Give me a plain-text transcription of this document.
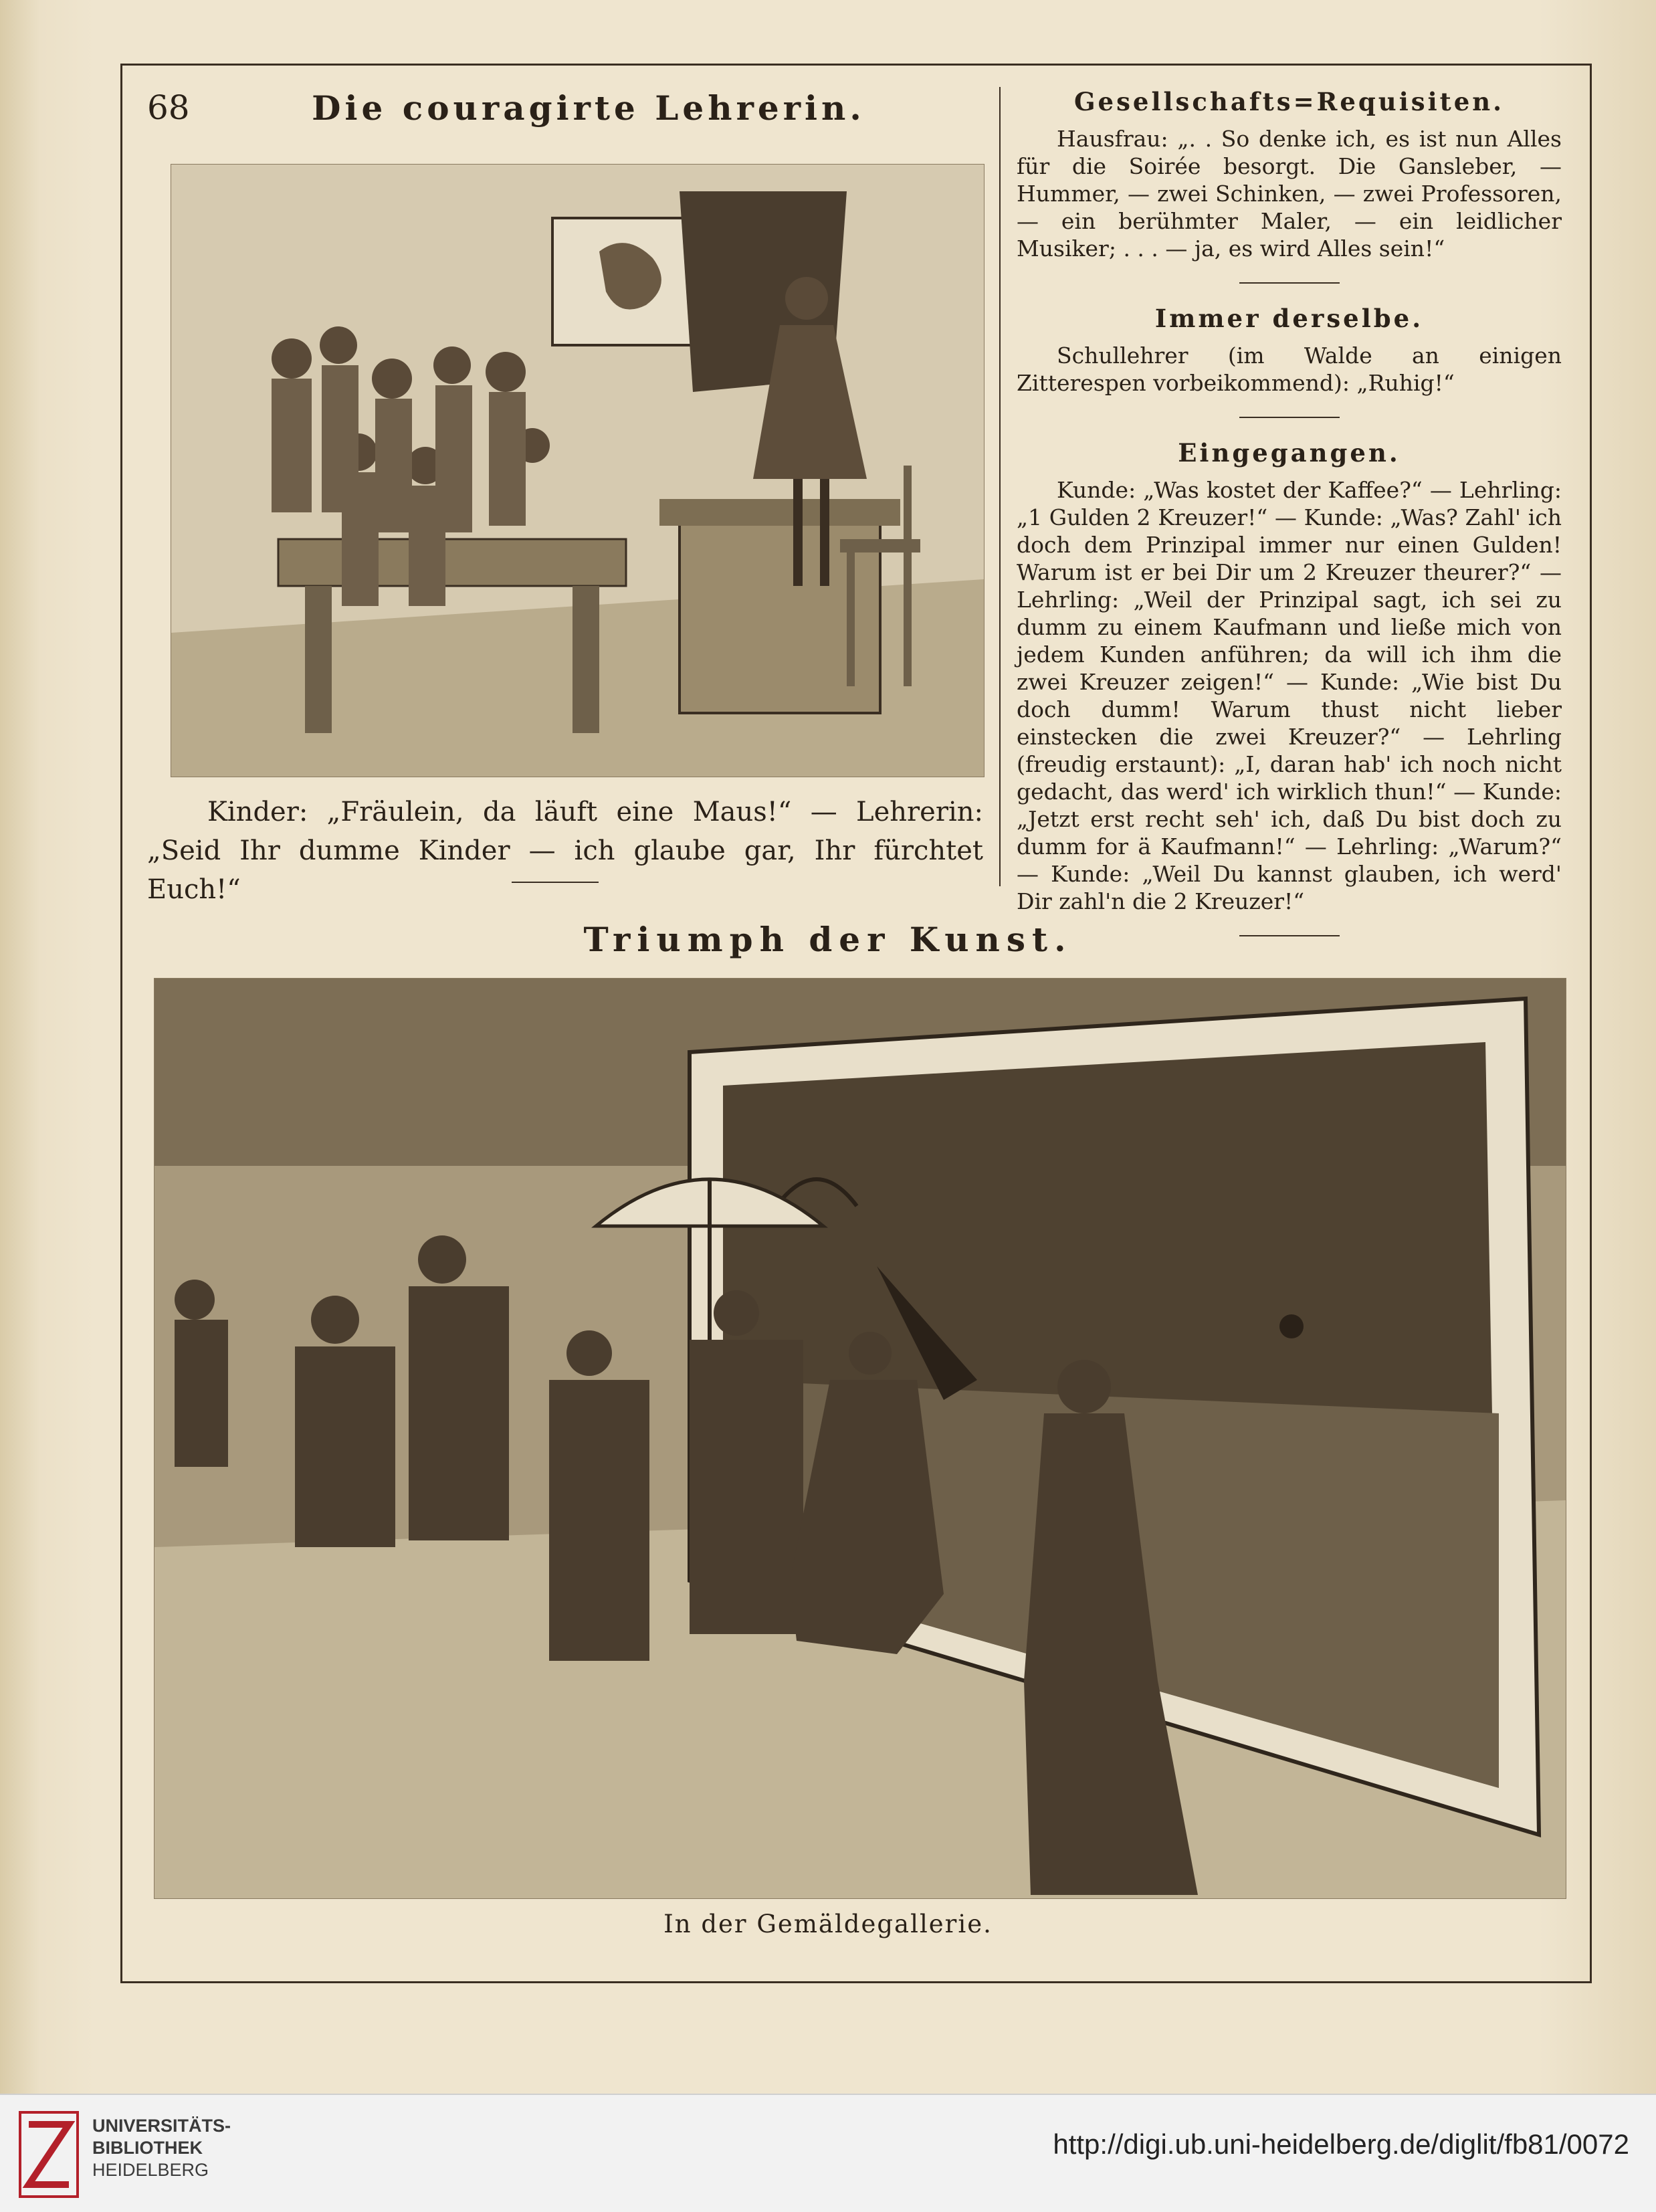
68	Die couragirte Lehrerin.
Kinder: „Fräulein, da läuft eine Maus!“ — Lehrerin: „Seid Ihr dumme Kinder — ich glaube gar, Ihr fürchtet Euch!“
Gesellschafts=Requisiten.

Hausfrau: „. . So denke ich, es ist nun Alles für die Soirée besorgt. Die Gansleber, — Hummer, — zwei Schinken, — zwei Professoren, — ein berühmter Maler, — ein leidlicher Musiker; . . . — ja, es wird Alles sein!“

Immer derselbe.

Schullehrer (im Walde an einigen Zitterespen vorbeikommend): „Ruhig!“

Eingegangen.

Kunde: „Was kostet der Kaffee?“ — Lehrling: „1 Gulden 2 Kreuzer!“ — Kunde: „Was? Zahl' ich doch dem Prinzipal immer nur einen Gulden! Warum ist er bei Dir um 2 Kreuzer theurer?“ — Lehrling: „Weil der Prinzipal sagt, ich sei zu dumm zu einem Kaufmann und ließe mich von jedem Kunden anführen; da will ich ihm die zwei Kreuzer zeigen!“ — Kunde: „Wie bist Du doch dumm! Warum thust nicht lieber einstecken die zwei Kreuzer?“ — Lehrling (freudig erstaunt): „I, daran hab' ich noch nicht gedacht, das werd' ich wirklich thun!“ — Kunde: „Jetzt erst recht seh' ich, daß Du bist doch zu dumm for ä Kaufmann!“ — Lehrling: „Warum?“ — Kunde: „Weil Du kannst glauben, ich werd' Dir zahl'n die 2 Kreuzer!“

Triumph der Kunst.
In der Gemäldegallerie.
UNIVERSITÄTS-
BIBLIOTHEK
HEIDELBERG
http://digi.ub.uni-heidelberg.de/diglit/fb81/0072
